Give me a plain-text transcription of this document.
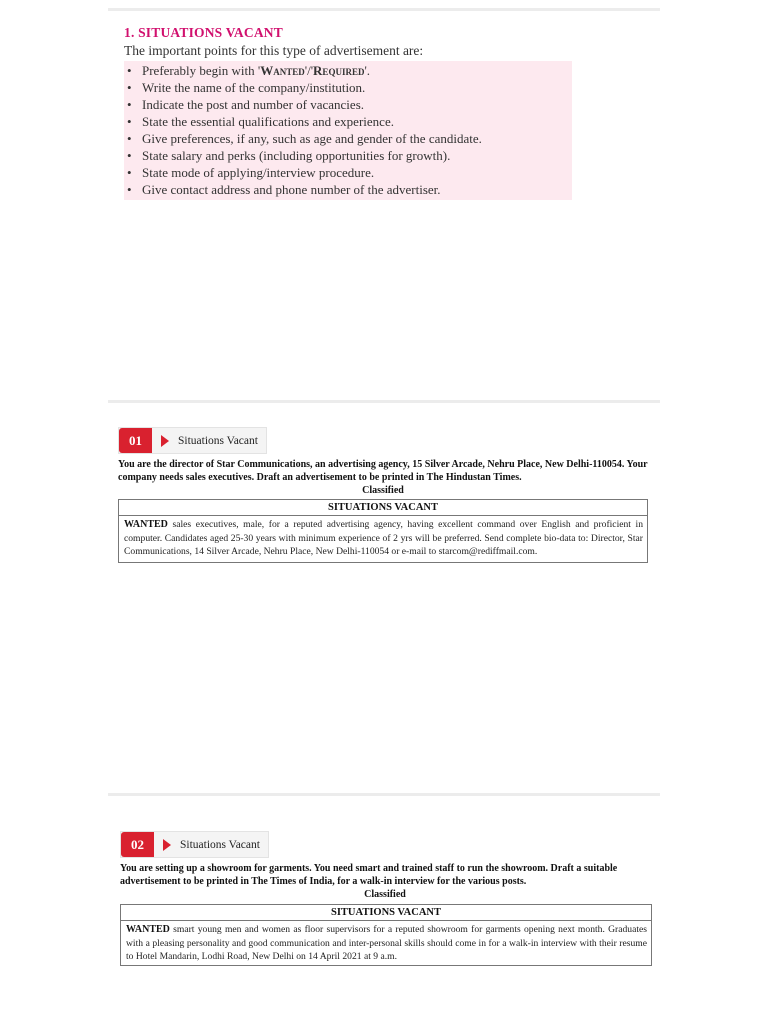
1. SITUATIONS VACANT
The important points for this type of advertisement are:
• Preferably begin with 'Wanted'/'Required'.
• Write the name of the company/institution.
• Indicate the post and number of vacancies.
• State the essential qualifications and experience.
• Give preferences, if any, such as age and gender of the candidate.
• State salary and perks (including opportunities for growth).
• State mode of applying/interview procedure.
• Give contact address and phone number of the advertiser.
01	Situations Vacant
You are the director of Star Communications, an advertising agency, 15 Silver Arcade, Nehru Place, New Delhi-110054. Your company needs sales executives. Draft an advertisement to be printed in The Hindustan Times.
Classified
SITUATIONS VACANT
WANTED sales executives, male, for a reputed advertising agency, having excellent command over English and proficient in computer. Candidates aged 25-30 years with minimum experience of 2 yrs will be preferred. Send complete bio-data to: Director, Star Communications, 14 Silver Arcade, Nehru Place, New Delhi-110054 or e-mail to starcom@rediffmail.com.
02	Situations Vacant
You are setting up a showroom for garments. You need smart and trained staff to run the showroom. Draft a suitable advertisement to be printed in The Times of India, for a walk-in interview for the various posts.
Classified
SITUATIONS VACANT
WANTED smart young men and women as floor supervisors for a reputed showroom for garments opening next month. Graduates with a pleasing personality and good communication and inter-personal skills should come in for a walk-in interview with their resume to Hotel Mandarin, Lodhi Road, New Delhi on 14 April 2021 at 9 a.m.
